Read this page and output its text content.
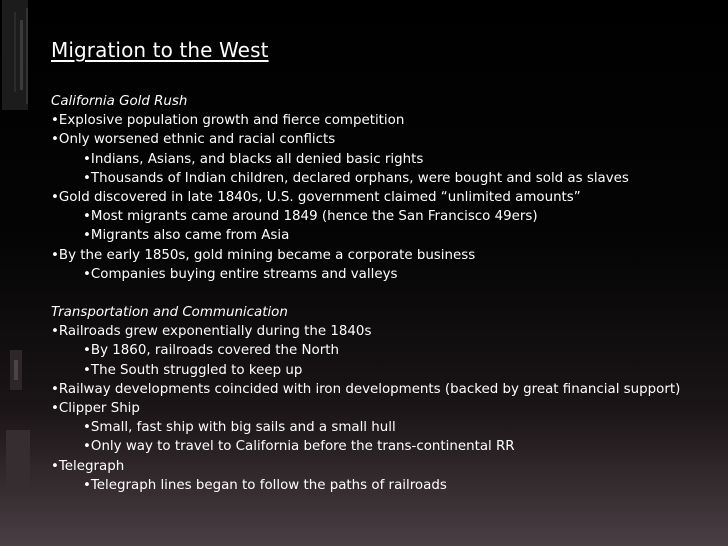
Migration to the West
California Gold Rush
•Explosive population growth and fierce competition
•Only worsened ethnic and racial conflicts
•Indians, Asians, and blacks all denied basic rights
•Thousands of Indian children, declared orphans, were bought and sold as slaves
•Gold discovered in late 1840s, U.S. government claimed “unlimited amounts”
•Most migrants came around 1849 (hence the San Francisco 49ers)
•Migrants also came from Asia
•By the early 1850s, gold mining became a corporate business
•Companies buying entire streams and valleys
Transportation and Communication
•Railroads grew exponentially during the 1840s
•By 1860, railroads covered the North
•The South struggled to keep up
•Railway developments coincided with iron developments (backed by great financial support)
•Clipper Ship
•Small, fast ship with big sails and a small hull
•Only way to travel to California before the trans-continental RR
•Telegraph
•Telegraph lines began to follow the paths of railroads
